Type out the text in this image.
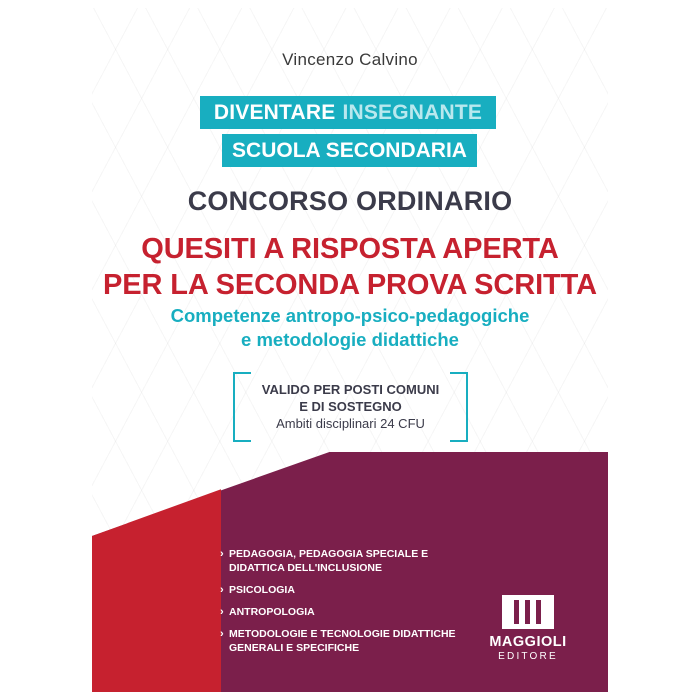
Vincenzo Calvino
DIVENTARE INSEGNANTE
SCUOLA SECONDARIA
CONCORSO ORDINARIO
QUESITI A RISPOSTA APERTA
PER LA SECONDA PROVA SCRITTA
Competenze antropo-psico-pedagogiche
e metodologie didattiche
VALIDO PER POSTI COMUNI
E DI SOSTEGNO
Ambiti disciplinari 24 CFU
› PEDAGOGIA, PEDAGOGIA SPECIALE E DIDATTICA DELL'INCLUSIONE
› PSICOLOGIA
› ANTROPOLOGIA
› METODOLOGIE E TECNOLOGIE DIDATTICHE GENERALI E SPECIFICHE	MAGGIOLI
EDITORE
